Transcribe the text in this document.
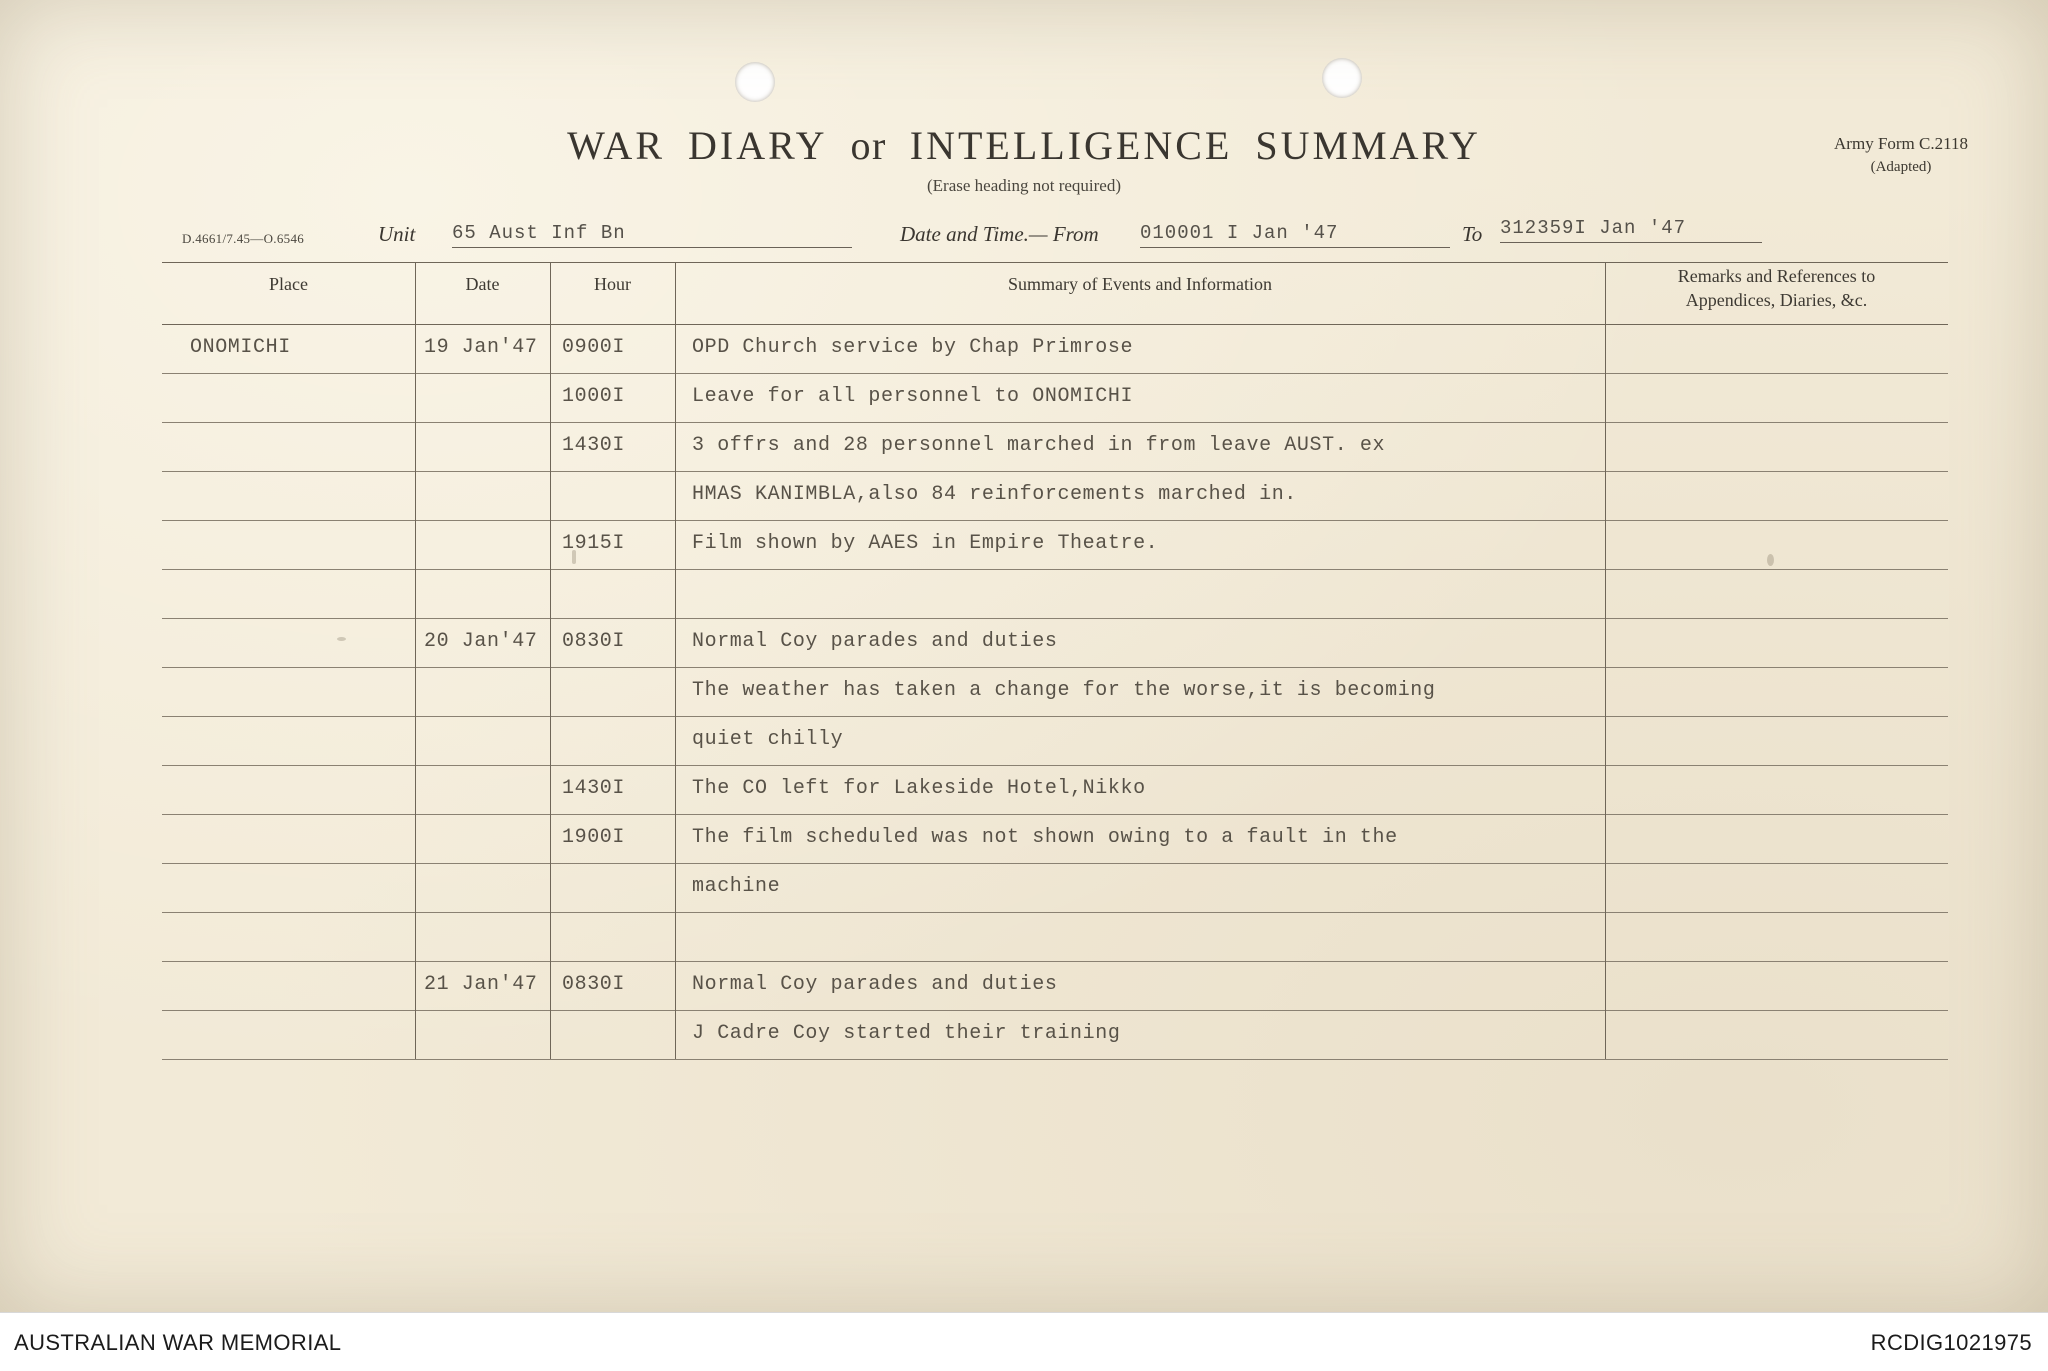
WAR DIARY or INTELLIGENCE SUMMARY
(Erase heading not required)
Army Form C.2118
(Adapted)
D.4661/7.45—O.6546	Unit 65 Aust Inf Bn	Date and Time.— From 010001 I Jan '47	To 312359I Jan '47
Place	Date	Hour	Summary of Events and Information	Remarks and References to
Appendices, Diaries, &c.
ONOMICHI	19 Jan'47 0900I	OPD Church service by Chap Primrose
1000I	Leave for all personnel to ONOMICHI
1430I	3 offrs and 28 personnel marched in from leave AUST. ex
HMAS KANIMBLA,also 84 reinforcements marched in.
1915I	Film shown by AAES in Empire Theatre.
20 Jan'47 0830I	Normal Coy parades and duties
The weather has taken a change for the worse,it is becoming
quiet chilly
1430I	The CO left for Lakeside Hotel,Nikko
1900I	The film scheduled was not shown owing to a fault in the
machine
21 Jan'47 0830I	Normal Coy parades and duties
J Cadre Coy started their training
AUSTRALIAN WAR MEMORIAL	RCDIG1021975
